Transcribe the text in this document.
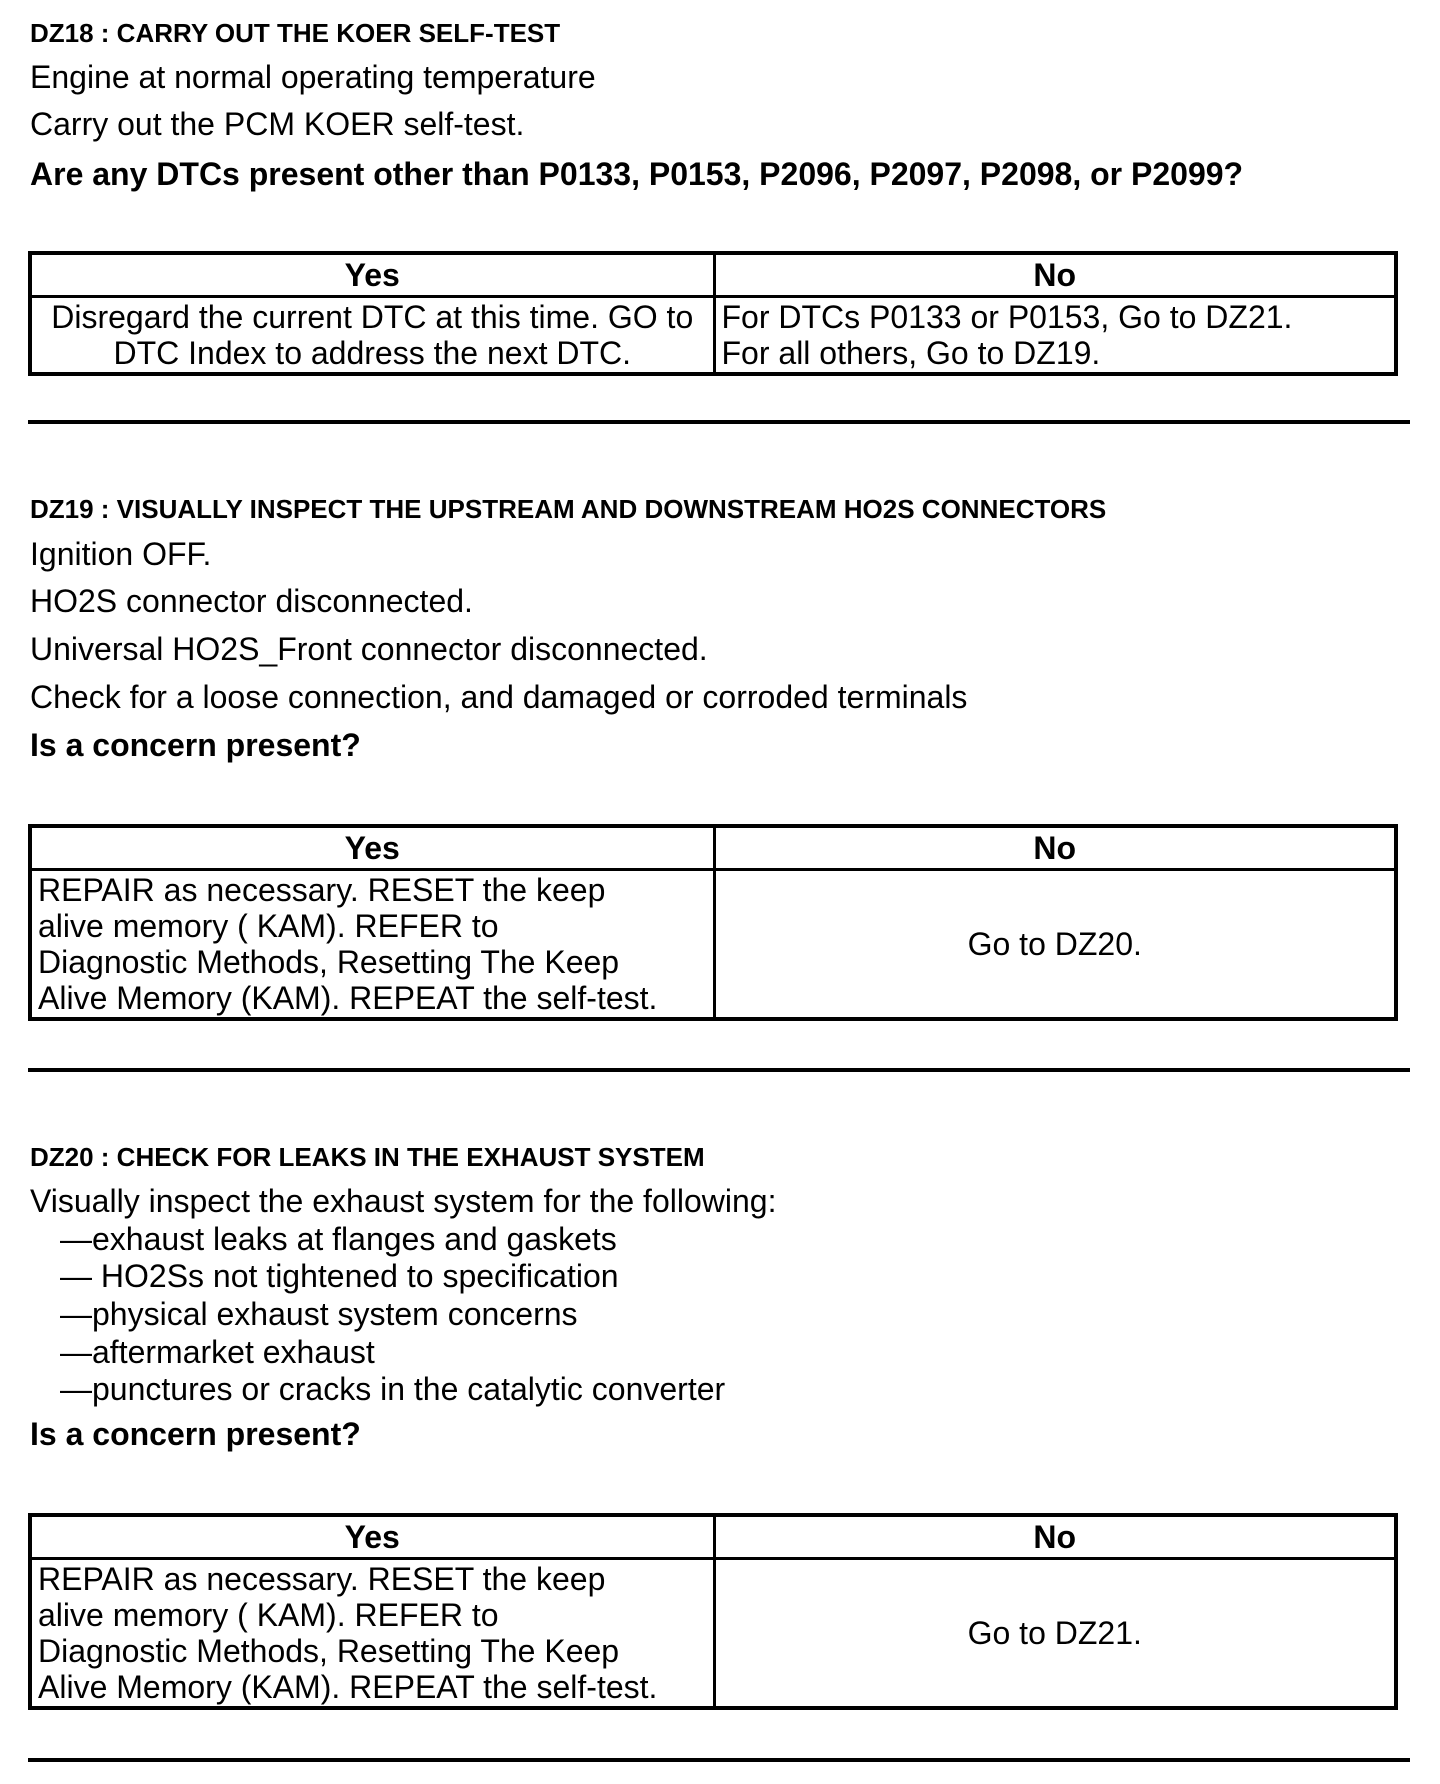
DZ18 : CARRY OUT THE KOER SELF-TEST
Engine at normal operating temperature
Carry out the PCM KOER self-test.
Are any DTCs present other than P0133, P0153, P2096, P2097, P2098, or P2099?
Yes	No
Disregard the current DTC at this time. GO to
DTC Index to address the next DTC.	For DTCs P0133 or P0153, Go to DZ21.
For all others, Go to DZ19.
DZ19 : VISUALLY INSPECT THE UPSTREAM AND DOWNSTREAM HO2S CONNECTORS
Ignition OFF.
HO2S connector disconnected.
Universal HO2S_Front connector disconnected.
Check for a loose connection, and damaged or corroded terminals
Is a concern present?
Yes	No
REPAIR as necessary. RESET the keep
alive memory ( KAM). REFER to
Diagnostic Methods, Resetting The Keep
Alive Memory (KAM). REPEAT the self-test.	Go to DZ20.
DZ20 : CHECK FOR LEAKS IN THE EXHAUST SYSTEM
Visually inspect the exhaust system for the following:
—exhaust leaks at flanges and gaskets
— HO2Ss not tightened to specification
—physical exhaust system concerns
—aftermarket exhaust
—punctures or cracks in the catalytic converter
Is a concern present?
Yes	No
REPAIR as necessary. RESET the keep
alive memory ( KAM). REFER to
Diagnostic Methods, Resetting The Keep
Alive Memory (KAM). REPEAT the self-test.	Go to DZ21.
